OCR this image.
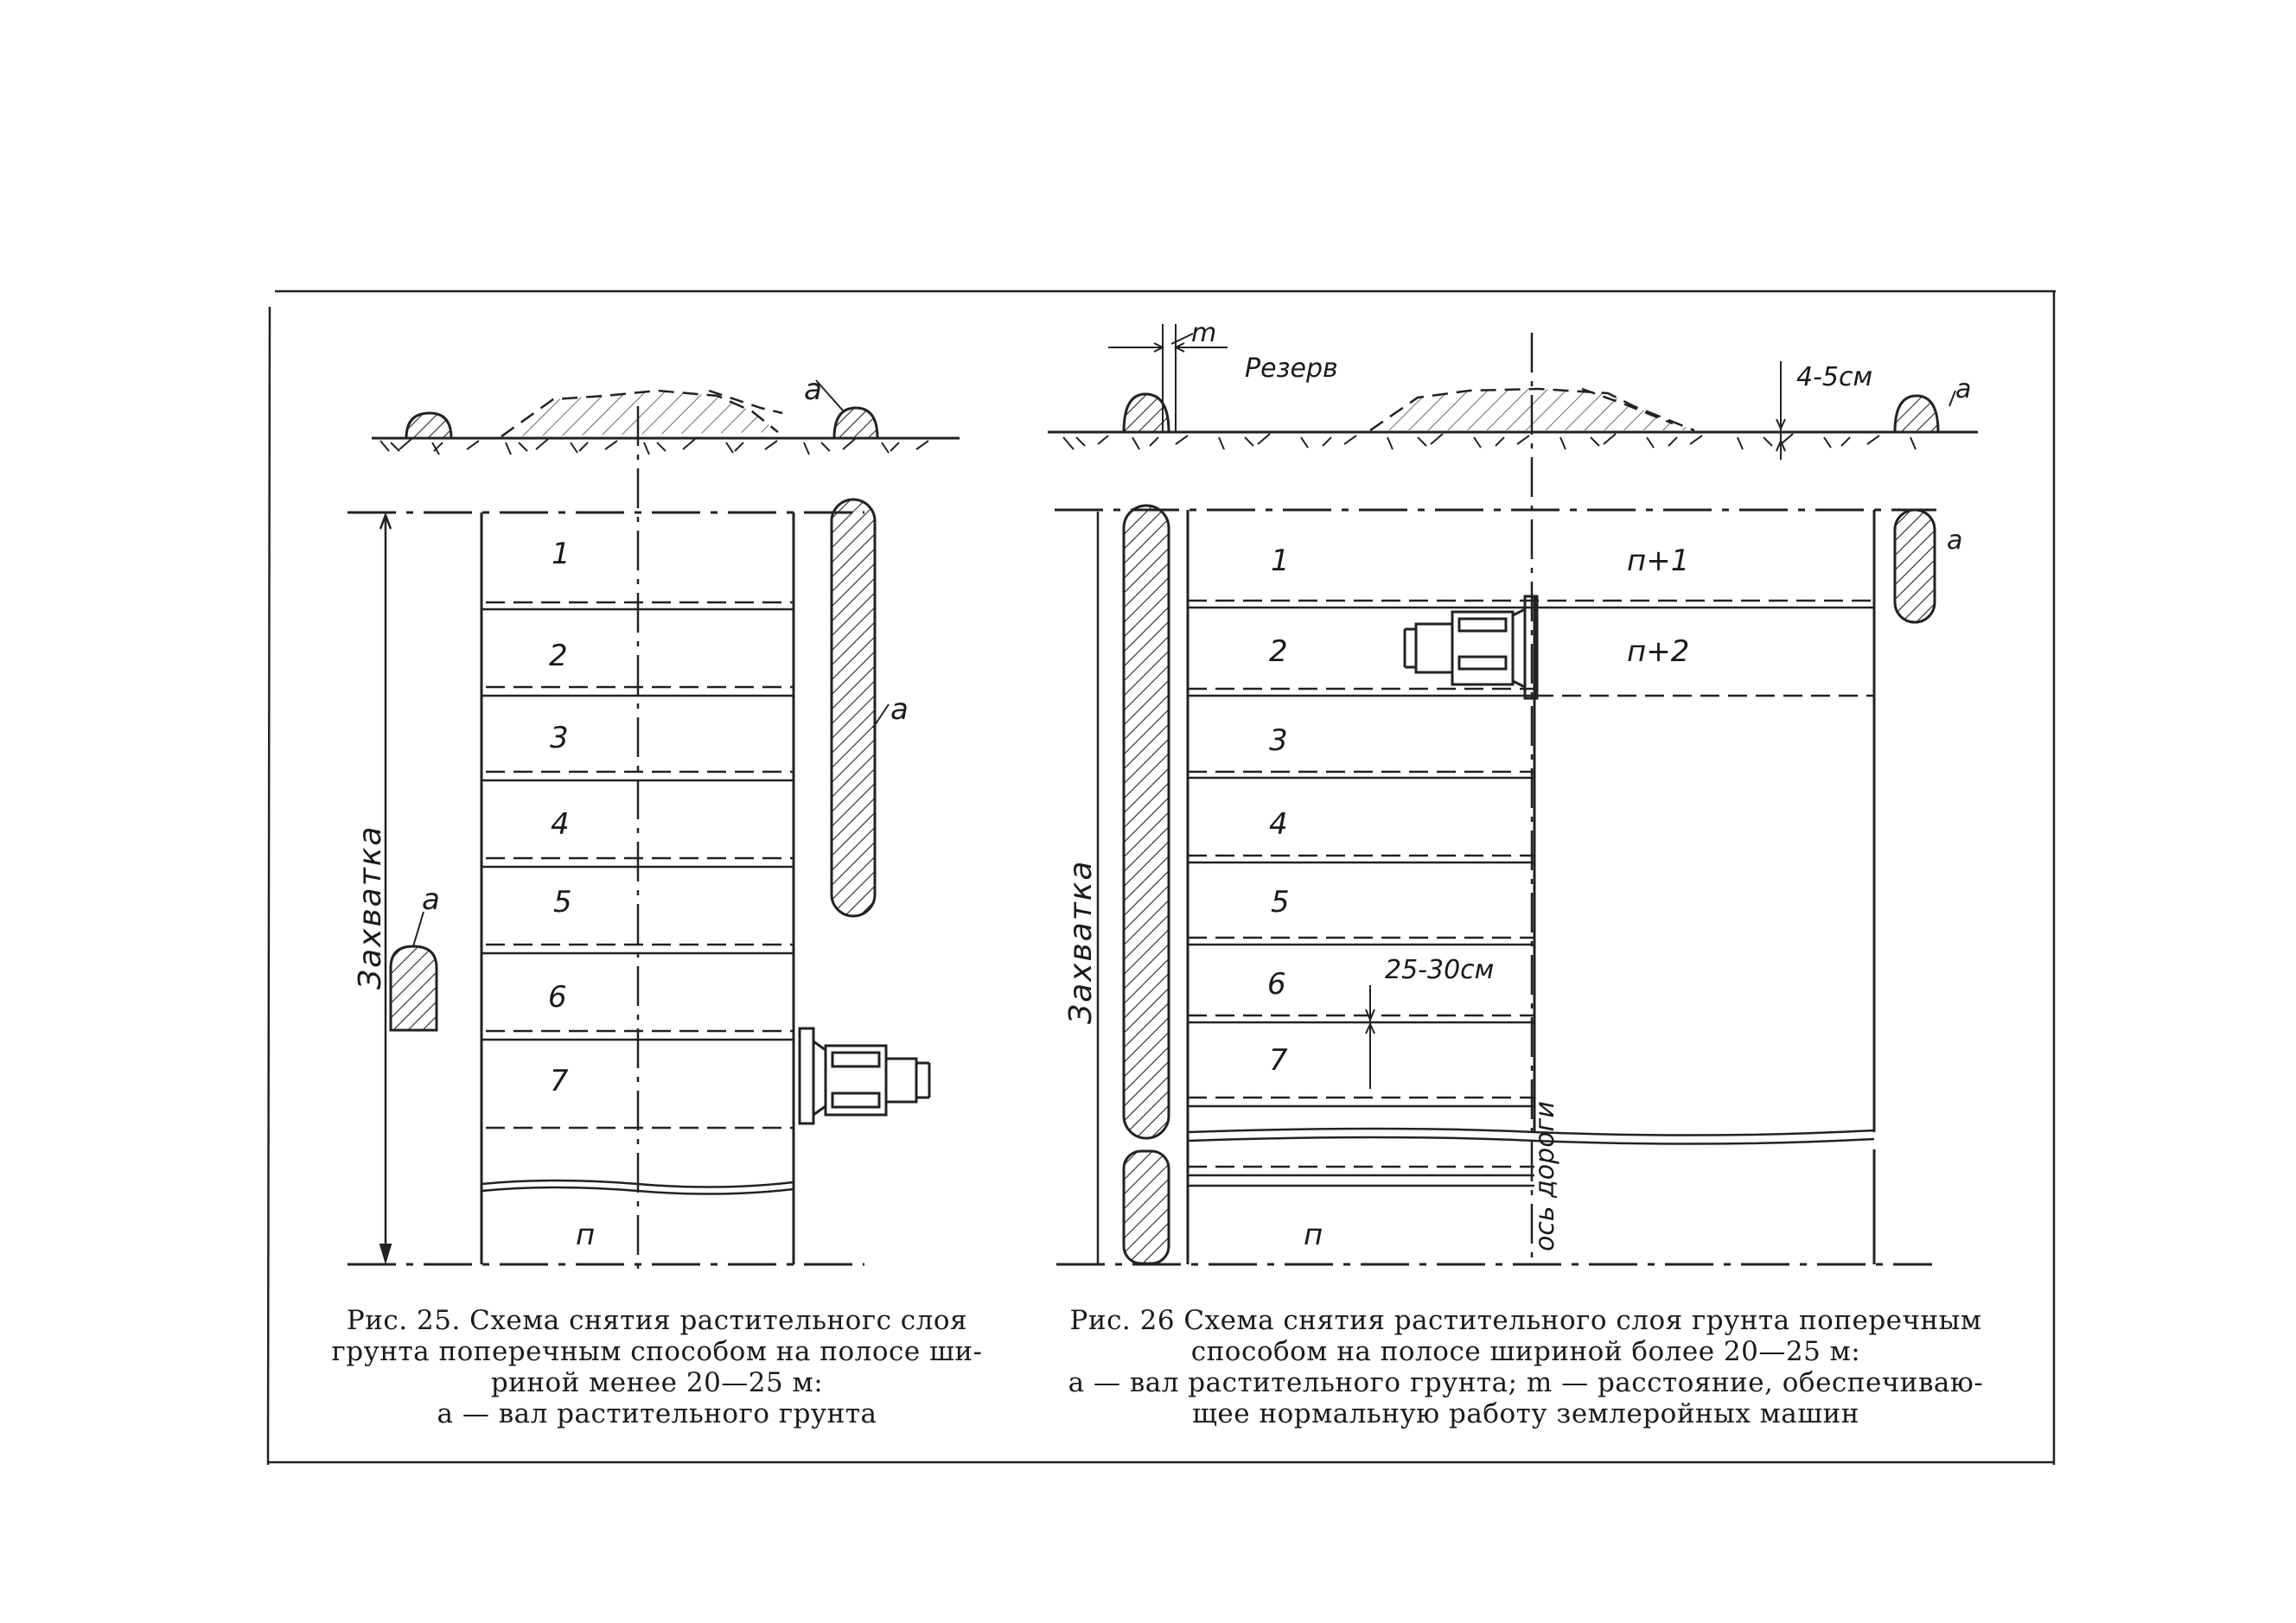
а
1
2
3
4
5
6
7
п
а
а
Захватка
а
m
Резерв	4-5см
25-30см
1
2
3
4
5
6
7
п
п+1
п+2
а
Захватка
ось дороги
Рис. 25. Схема снятия растительногс слоя
грунта поперечным способом на полосе ши-
риной менее 20—25 м:
а — вал растительного грунта
Рис. 26 Схема снятия растительного слоя грунта поперечным
способом на полосе шириной более 20—25 м:
а — вал растительного грунта; m — расстояние, обеспечиваю-
щее нормальную работу землеройных машин
